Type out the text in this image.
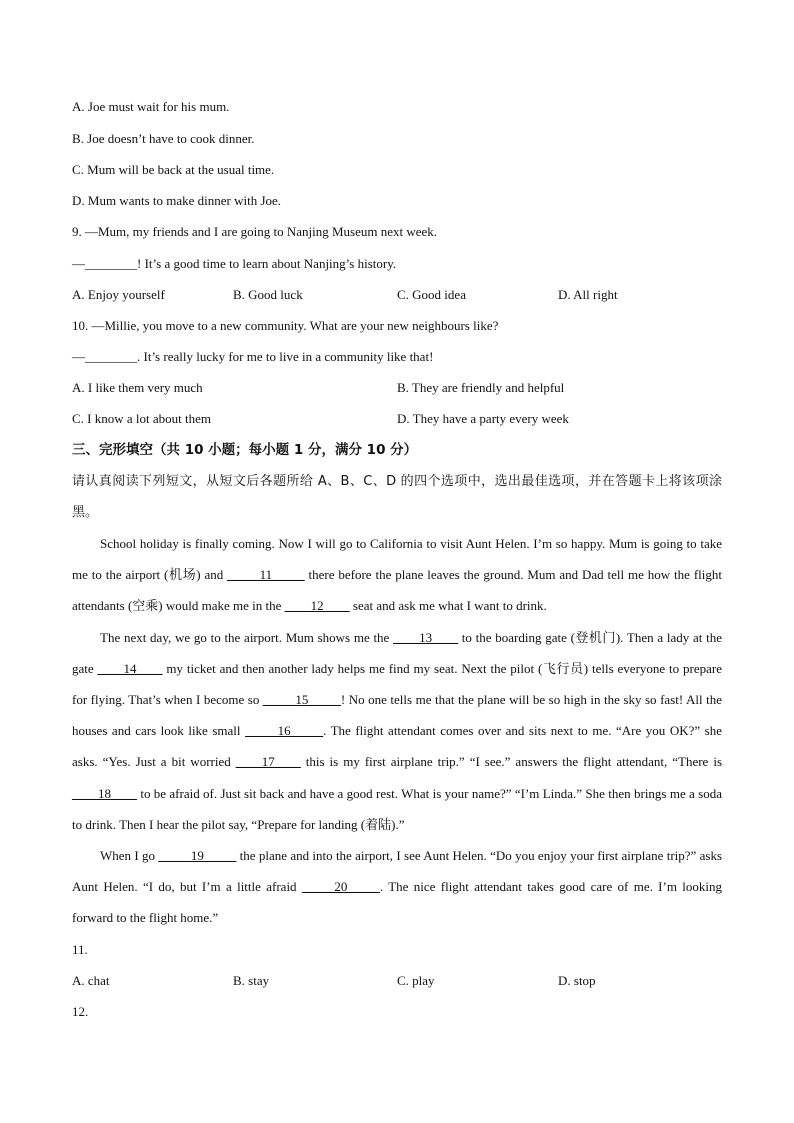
A. Joe must wait for his mum.
B. Joe doesn’t have to cook dinner.
C. Mum will be back at the usual time.
D. Mum wants to make dinner with Joe.
9. —Mum, my friends and I are going to Nanjing Museum next week.
—________! It’s a good time to learn about Nanjing’s history.
A. Enjoy yourself	B. Good luck	C. Good idea	D. All right
10. —Millie, you move to a new community. What are your new neighbours like?
—________. It’s really lucky for me to live in a community like that!
A. I like them very much	B. They are friendly and helpful
C. I know a lot about them	D. They have a party every week
三、完形填空（共 10 小题；每小题 1 分，满分 10 分）
请认真阅读下列短文，从短文后各题所给 A、B、C、D 的四个选项中，选出最佳选项，并在答题卡上将该项涂黑。

School holiday is finally coming. Now I will go to California to visit Aunt Helen. I’m so happy. Mum is going to take me to the airport (机场) and _____11_____ there before the plane leaves the ground. Mum and Dad tell me how the flight attendants (空乘) would make me in the ____12____ seat and ask me what I want to drink.

The next day, we go to the airport. Mum shows me the ____13____ to the boarding gate (登机门). Then a lady at the gate ____14____ my ticket and then another lady helps me find my seat. Next the pilot (飞行员) tells everyone to prepare for flying. That’s when I become so _____15_____! No one tells me that the plane will be so high in the sky so fast! All the houses and cars look like small _____16_____. The flight attendant comes over and sits next to me. “Are you OK?” she asks. “Yes. Just a bit worried ____17____ this is my first airplane trip.” “I see.” answers the flight attendant, “There is ____18____ to be afraid of. Just sit back and have a good rest. What is your name?” “I’m Linda.” She then brings me a soda to drink. Then I hear the pilot say, “Prepare for landing (着陆).”

When I go _____19_____ the plane and into the airport, I see Aunt Helen. “Do you enjoy your first airplane trip?” asks Aunt Helen. “I do, but I’m a little afraid _____20_____. The nice flight attendant takes good care of me. I’m looking forward to the flight home.”

11.
A. chat	B. stay	C. play	D. stop
12.
